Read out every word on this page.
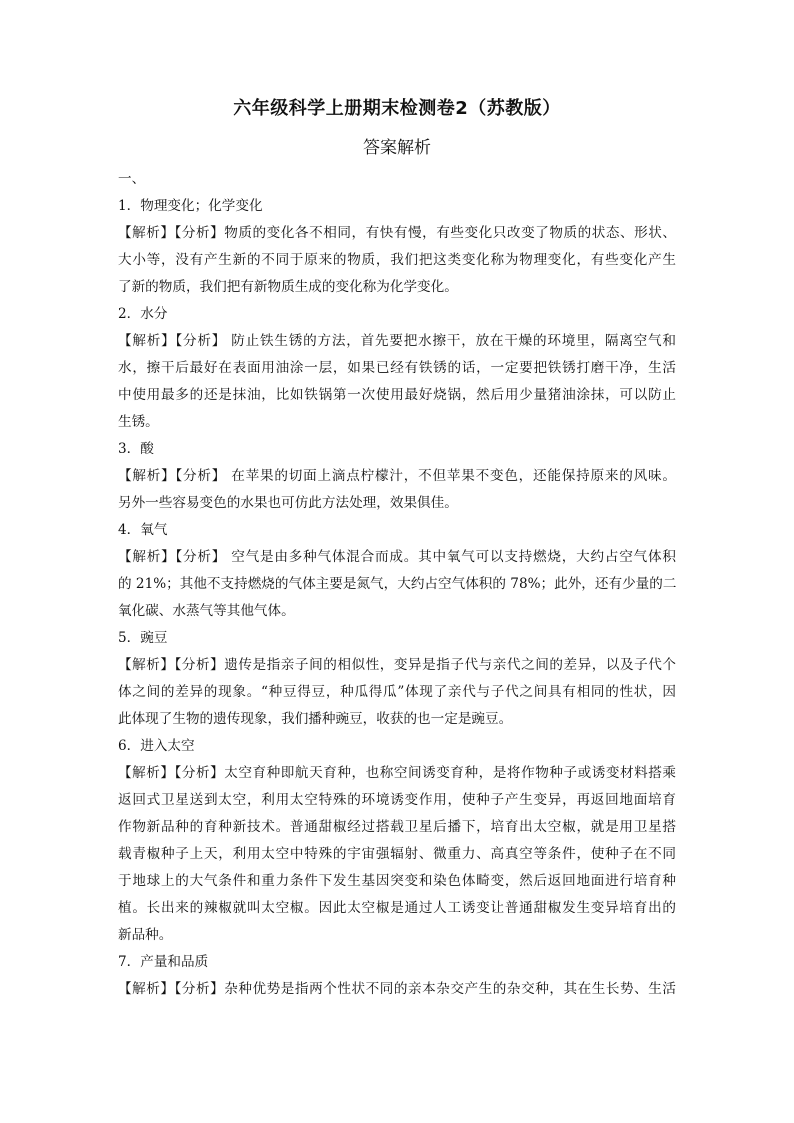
六年级科学上册期末检测卷2（苏教版）
答案解析
一、
1．物理变化；化学变化
【解析】【分析】物质的变化各不相同，有快有慢，有些变化只改变了物质的状态、形状、
大小等，没有产生新的不同于原来的物质，我们把这类变化称为物理变化，有些变化产生
了新的物质，我们把有新物质生成的变化称为化学变化。
2．水分
【解析】【分析】 防止铁生锈的方法，首先要把水擦干，放在干燥的环境里，隔离空气和
水，擦干后最好在表面用油涂一层，如果已经有铁锈的话，一定要把铁锈打磨干净，生活
中使用最多的还是抹油，比如铁锅第一次使用最好烧锅，然后用少量猪油涂抹，可以防止
生锈。
3．酸
【解析】【分析】 在苹果的切面上滴点柠檬汁，不但苹果不变色，还能保持原来的风味。
另外一些容易变色的水果也可仿此方法处理，效果俱佳。
4．氧气
【解析】【分析】 空气是由多种气体混合而成。其中氧气可以支持燃烧，大约占空气体积
的 21%；其他不支持燃烧的气体主要是氮气，大约占空气体积的 78%；此外，还有少量的二
氧化碳、水蒸气等其他气体。
5．豌豆
【解析】【分析】遗传是指亲子间的相似性，变异是指子代与亲代之间的差异，以及子代个
体之间的差异的现象。“种豆得豆，种瓜得瓜”体现了亲代与子代之间具有相同的性状，因
此体现了生物的遗传现象，我们播种豌豆，收获的也一定是豌豆。
6．进入太空
【解析】【分析】太空育种即航天育种，也称空间诱变育种，是将作物种子或诱变材料搭乘
返回式卫星送到太空，利用太空特殊的环境诱变作用，使种子产生变异，再返回地面培育
作物新品种的育种新技术。普通甜椒经过搭载卫星后播下，培育出太空椒，就是用卫星搭
载青椒种子上天，利用太空中特殊的宇宙强辐射、微重力、高真空等条件，使种子在不同
于地球上的大气条件和重力条件下发生基因突变和染色体畸变，然后返回地面进行培育种
植。长出来的辣椒就叫太空椒。因此太空椒是通过人工诱变让普通甜椒发生变异培育出的
新品种。
7．产量和品质
【解析】【分析】杂种优势是指两个性状不同的亲本杂交产生的杂交种，其在生长势、生活
